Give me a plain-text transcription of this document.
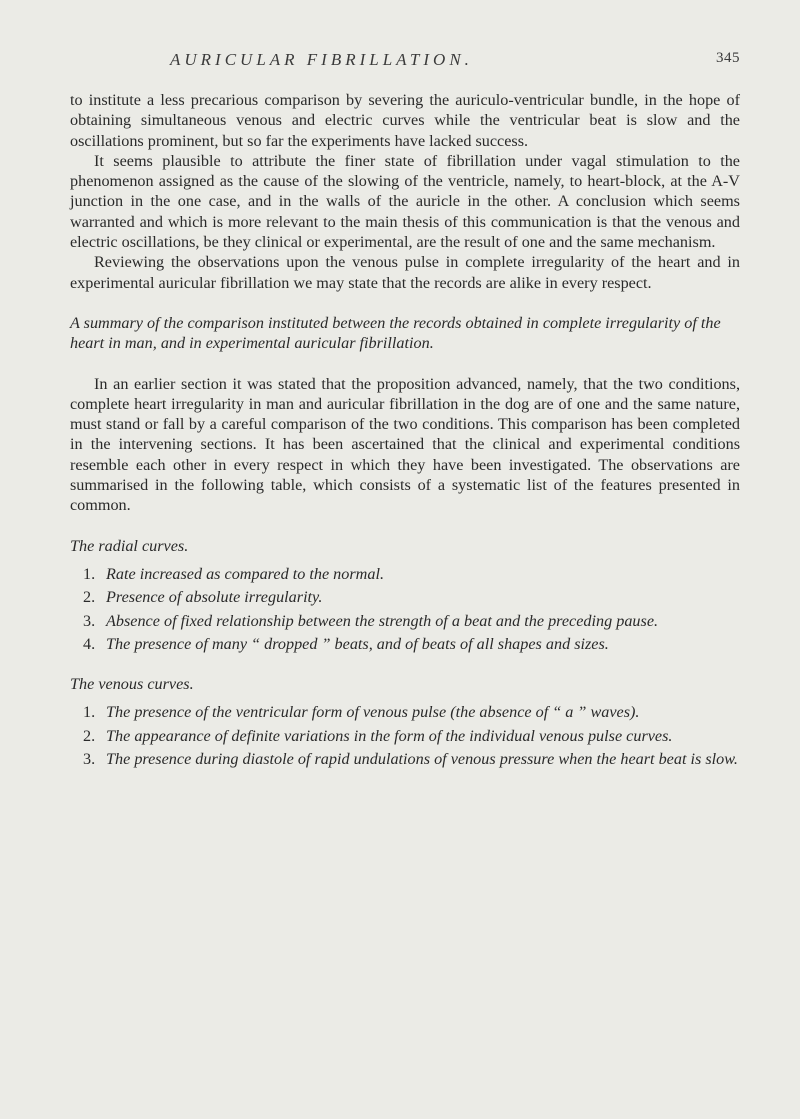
AURICULAR FIBRILLATION.	345

to institute a less precarious comparison by severing the auriculo-ventricular bundle, in the hope of obtaining simultaneous venous and electric curves while the ventricular beat is slow and the oscillations prominent, but so far the experiments have lacked success.

It seems plausible to attribute the finer state of fibrillation under vagal stimulation to the phenomenon assigned as the cause of the slowing of the ventricle, namely, to heart-block, at the A-V junction in the one case, and in the walls of the auricle in the other. A conclusion which seems warranted and which is more relevant to the main thesis of this communication is that the venous and electric oscillations, be they clinical or experimental, are the result of one and the same mechanism.

Reviewing the observations upon the venous pulse in complete irregularity of the heart and in experimental auricular fibrillation we may state that the records are alike in every respect.

A summary of the comparison instituted between the records obtained in complete irregularity of the heart in man, and in experimental auricular fibrillation.

In an earlier section it was stated that the proposition advanced, namely, that the two conditions, complete heart irregularity in man and auricular fibrillation in the dog are of one and the same nature, must stand or fall by a careful comparison of the two conditions. This comparison has been completed in the intervening sections. It has been ascertained that the clinical and experimental conditions resemble each other in every respect in which they have been investigated. The observations are summarised in the following table, which consists of a systematic list of the features presented in common.

The radial curves.

1. Rate increased as compared to the normal.
2. Presence of absolute irregularity.
3. Absence of fixed relationship between the strength of a beat and the preceding pause.
4. The presence of many “ dropped ” beats, and of beats of all shapes and sizes.

The venous curves.

1. The presence of the ventricular form of venous pulse (the absence of “ a ” waves).
2. The appearance of definite variations in the form of the individual venous pulse curves.
3. The presence during diastole of rapid undulations of venous pressure when the heart beat is slow.
